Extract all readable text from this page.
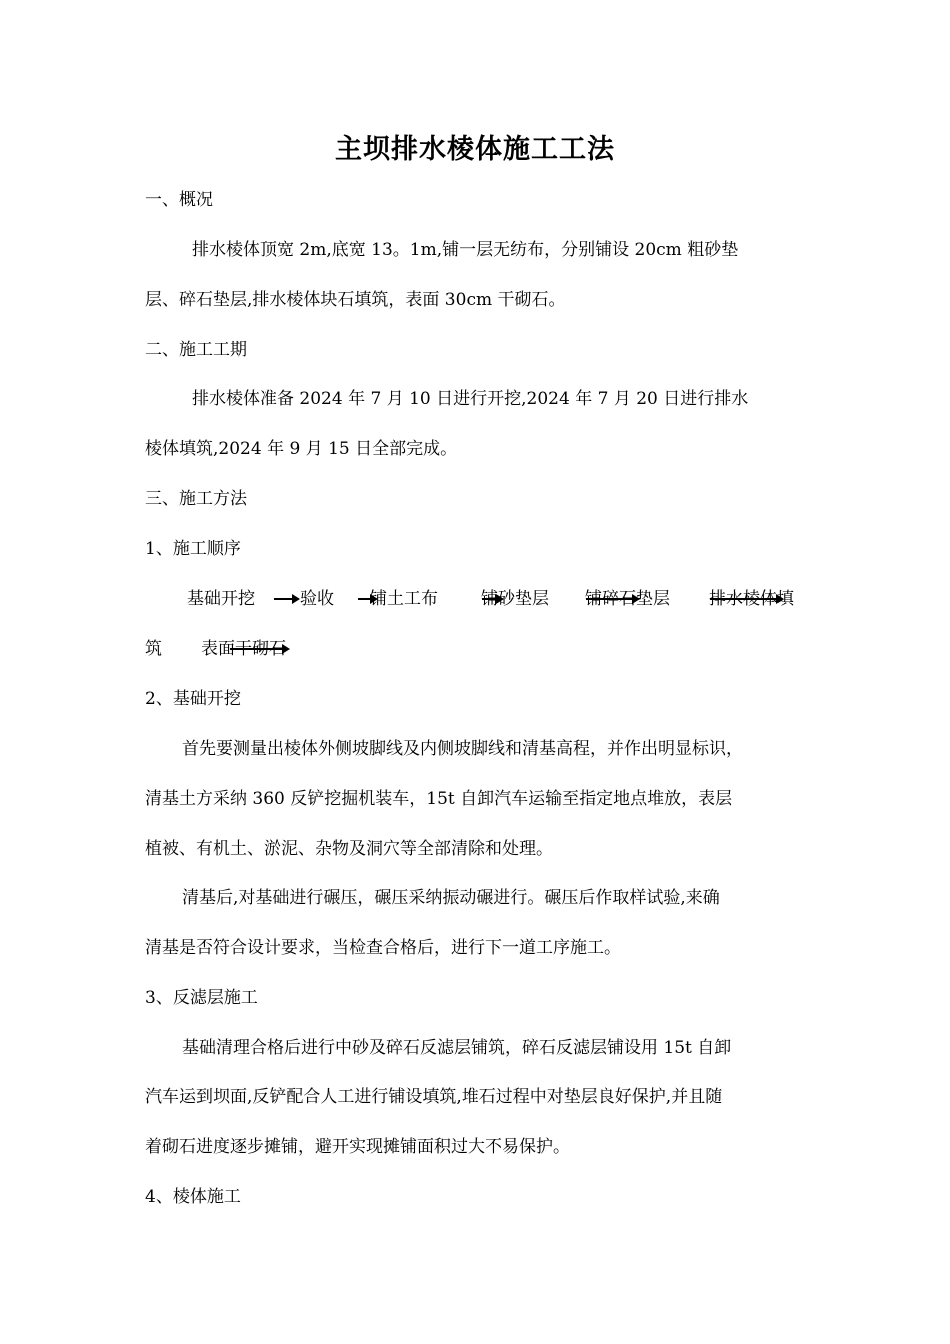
主坝排水棱体施工工法
一、概况
排水棱体顶宽 2m,底宽 13。1m,铺一层无纺布，分别铺设 20cm 粗砂垫
层、碎石垫层,排水棱体块石填筑，表面 30cm 干砌石。
二、施工工期
排水棱体准备 2024 年 7 月 10 日进行开挖,2024 年 7 月 20 日进行排水
棱体填筑,2024 年 9 月 15 日全部完成。
三、施工方法
1、施工顺序
基础开挖	验收 铺土工布	铺砂垫层 铺碎石垫层 排水棱体填
筑 表面干砌石
2、基础开挖
首先要测量出棱体外侧坡脚线及内侧坡脚线和清基高程，并作出明显标识，
清基土方采纳 360 反铲挖掘机装车，15t 自卸汽车运输至指定地点堆放，表层
植被、有机土、淤泥、杂物及洞穴等全部清除和处理。
清基后,对基础进行碾压，碾压采纳振动碾进行。碾压后作取样试验,来确
清基是否符合设计要求，当检查合格后，进行下一道工序施工。
3、反滤层施工
基础清理合格后进行中砂及碎石反滤层铺筑，碎石反滤层铺设用 15t 自卸
汽车运到坝面,反铲配合人工进行铺设填筑,堆石过程中对垫层良好保护,并且随
着砌石进度逐步摊铺，避开实现摊铺面积过大不易保护。
4、棱体施工
